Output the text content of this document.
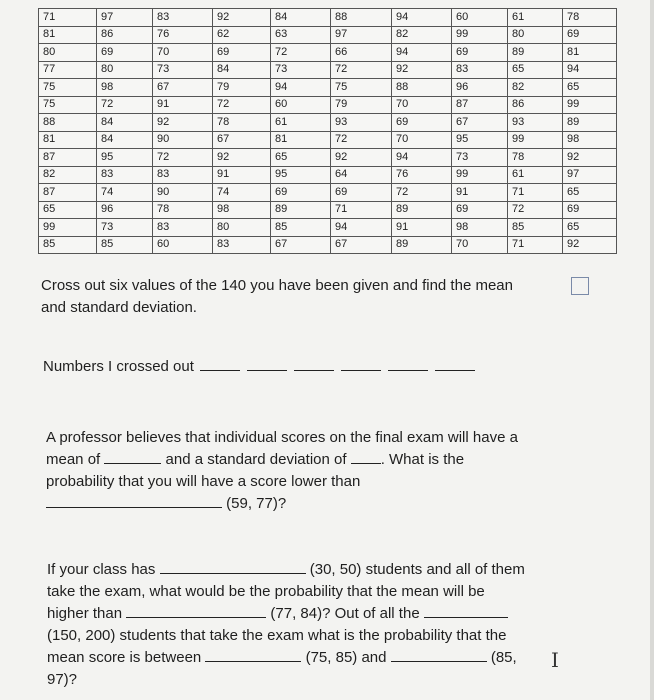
71	97	83	92	84	88	94	60	61	78
81	86	76	62	63	97	82	99	80	69
80	69	70	69	72	66	94	69	89	81
77	80	73	84	73	72	92	83	65	94
75	98	67	79	94	75	88	96	82	65
75	72	91	72	60	79	70	87	86	99
88	84	92	78	61	93	69	67	93	89
81	84	90	67	81	72	70	95	99	98
87	95	72	92	65	92	94	73	78	92
82	83	83	91	95	64	76	99	61	97
87	74	90	74	69	69	72	91	71	65
65	96	78	98	89	71	89	69	72	69
99	73	83	80	85	94	91	98	85	65
85	85	60	83	67	67	89	70	71	92
Cross out six values of the 140 you have been given and find the mean
and standard deviation.
Numbers I crossed out
A professor believes that individual scores on the final exam will have a
mean of	and a standard deviation of . What is the
probability that you will have a score lower than
(59, 77)?
If your class has	(30, 50) students and all of them
take the exam, what would be the probability that the mean will be
higher than	(77, 84)? Out of all the
(150, 200) students that take the exam what is the probability that the
mean score is between	(75, 85) and	(85,
97)?
I
